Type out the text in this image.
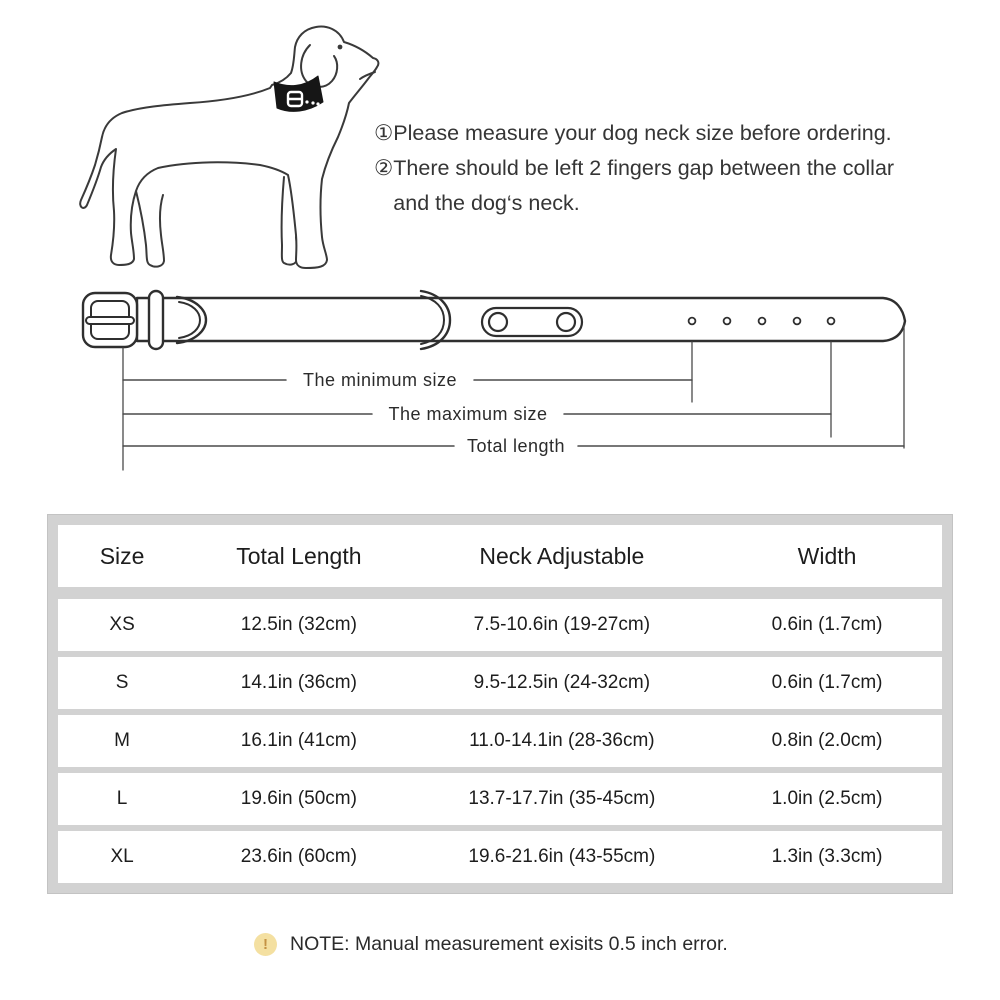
① Please measure your dog neck size before ordering.
② There should be left 2 fingers gap between the collar and the dog‘s neck.
The minimum size
The maximum size
Total length
Size	Total Length	Neck Adjustable	Width
XS	12.5in (32cm)	7.5-10.6in (19-27cm)	0.6in (1.7cm)
S	14.1in (36cm)	9.5-12.5in (24-32cm)	0.6in (1.7cm)
M	16.1in (41cm)	11.0-14.1in (28-36cm)	0.8in (2.0cm)
L	19.6in (50cm)	13.7-17.7in (35-45cm)	1.0in (2.5cm)
XL	23.6in (60cm)	19.6-21.6in (43-55cm)	1.3in (3.3cm)
!	NOTE: Manual measurement exisits 0.5 inch error.
